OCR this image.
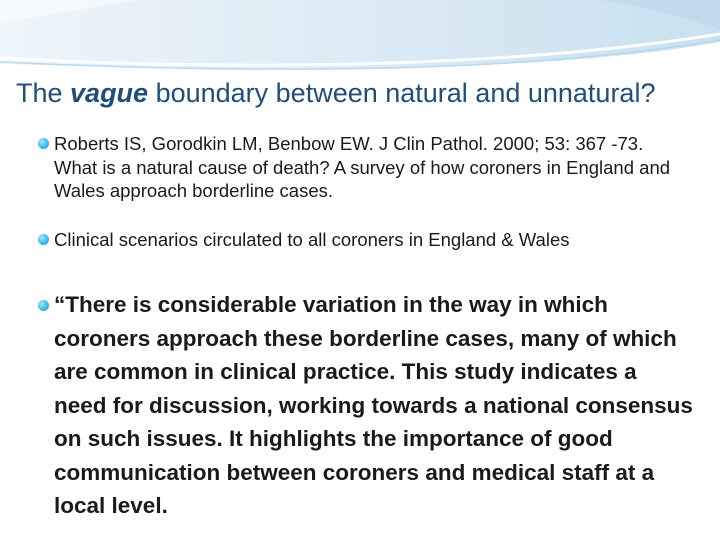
The vague boundary between natural and unnatural?
Roberts IS, Gorodkin LM, Benbow EW. J Clin Pathol. 2000; 53: 367 -73. What is a natural cause of death? A survey of how coroners in England and Wales approach borderline cases.
Clinical scenarios circulated to all coroners in England & Wales
“There is considerable variation in the way in which coroners approach these borderline cases, many of which are common in clinical practice. This study indicates a need for discussion, working towards a national consensus on such issues. It highlights the importance of good communication between coroners and medical staff at a local level.
